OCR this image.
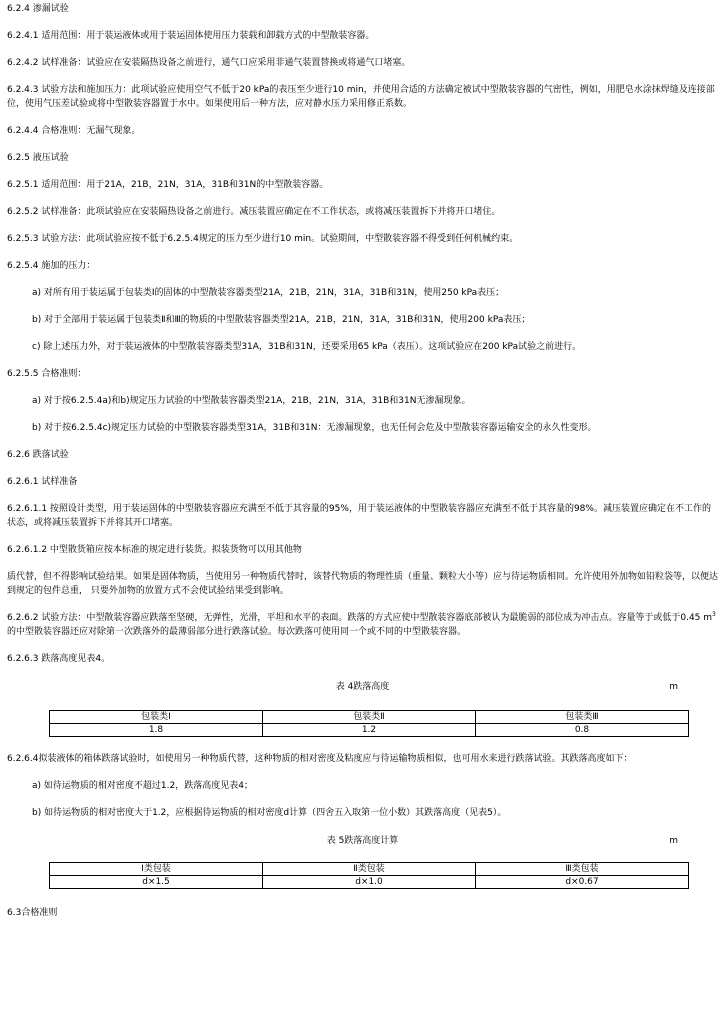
6.2.4 渗漏试验

6.2.4.1 适用范围：用于装运液体或用于装运固体使用压力装载和卸载方式的中型散装容器。

6.2.4.2 试样准备：试验应在安装隔热设备之前进行，通气口应采用非通气装置替换或将通气口堵塞。

6.2.4.3 试验方法和施加压力：此项试验应使用空气不低于20 kPa的表压至少进行10 min，并使用合适的方法确定被试中型散装容器的气密性，例如，用肥皂水涂抹焊缝及连接部位，使用气压差试验或将中型散装容器置于水中。如果使用后一种方法，应对静水压力采用修正系数。

6.2.4.4 合格准则：无漏气现象。

6.2.5 液压试验

6.2.5.1 适用范围：用于21A，21B，21N，31A，31B和31N的中型散装容器。

6.2.5.2 试样准备：此项试验应在安装隔热设备之前进行。减压装置应确定在不工作状态，或将减压装置拆下并将开口堵住。

6.2.5.3 试验方法：此项试验应按不低于6.2.5.4规定的压力至少进行10 min。试验期间，中型散装容器不得受到任何机械约束。

6.2.5.4 施加的压力：

a) 对所有用于装运属于包装类Ⅰ的固体的中型散装容器类型21A，21B，21N，31A，31B和31N，使用250 kPa表压；

b) 对于全部用于装运属于包装类Ⅱ和Ⅲ的物质的中型散装容器类型21A，21B，21N，31A，31B和31N，使用200 kPa表压；

c) 除上述压力外，对于装运液体的中型散装容器类型31A，31B和31N，还要采用65 kPa（表压）。这项试验应在200 kPa试验之前进行。

6.2.5.5 合格准则：

a) 对于按6.2.5.4a)和b)规定压力试验的中型散装容器类型21A，21B，21N，31A，31B和31N无渗漏现象。

b) 对于按6.2.5.4c)规定压力试验的中型散装容器类型31A，31B和31N：无渗漏现象，也无任何会危及中型散装容器运输安全的永久性变形。

6.2.6 跌落试验

6.2.6.1 试样准备

6.2.6.1.1 按照设计类型，用于装运固体的中型散装容器应充满至不低于其容量的95%，用于装运液体的中型散装容器应充满至不低于其容量的98%。减压装置应确定在不工作的状态，或将减压装置拆下并将其开口堵塞。

6.2.6.1.2 中型散货箱应按本标准的规定进行装货。拟装货物可以用其他物

质代替，但不得影响试验结果。如果是固体物质，当使用另一种物质代替时，该替代物质的物理性质（重量、颗粒大小等）应与待运物质相同。允许使用外加物如铅粒袋等，以便达到规定的包件总重， 只要外加物的放置方式不会使试验结果受到影响。

6.2.6.2 试验方法：中型散装容器应跌落至坚硬，无弹性，光滑，平坦和水平的表面。跌落的方式应使中型散装容器底部被认为最脆弱的部位成为冲击点。容量等于或低于0.45 $m^3$的中型散装容器还应对除第一次跌落外的最薄弱部分进行跌落试验。每次跌落可使用同一个或不同的中型散装容器。

6.2.6.3 跌落高度见表4。

表 4跌落高度	m
包装类Ⅰ	包装类Ⅱ	包装类Ⅲ
1.8	1.2	0.8

6.2.6.4拟装液体的箱体跌落试验时，如使用另一种物质代替，这种物质的相对密度及粘度应与待运输物质相似，也可用水来进行跌落试验。其跌落高度如下：

a) 如待运物质的相对密度不超过1.2，跌落高度见表4；

b) 如待运物质的相对密度大于1.2，应根据待运物质的相对密度d计算（四舍五入取第一位小数）其跌落高度（见表5）。

表 5跌落高度计算	m
Ⅰ类包装	Ⅱ类包装	Ⅲ类包装
d×1.5	d×1.0	d×0.67

6.3合格准则
